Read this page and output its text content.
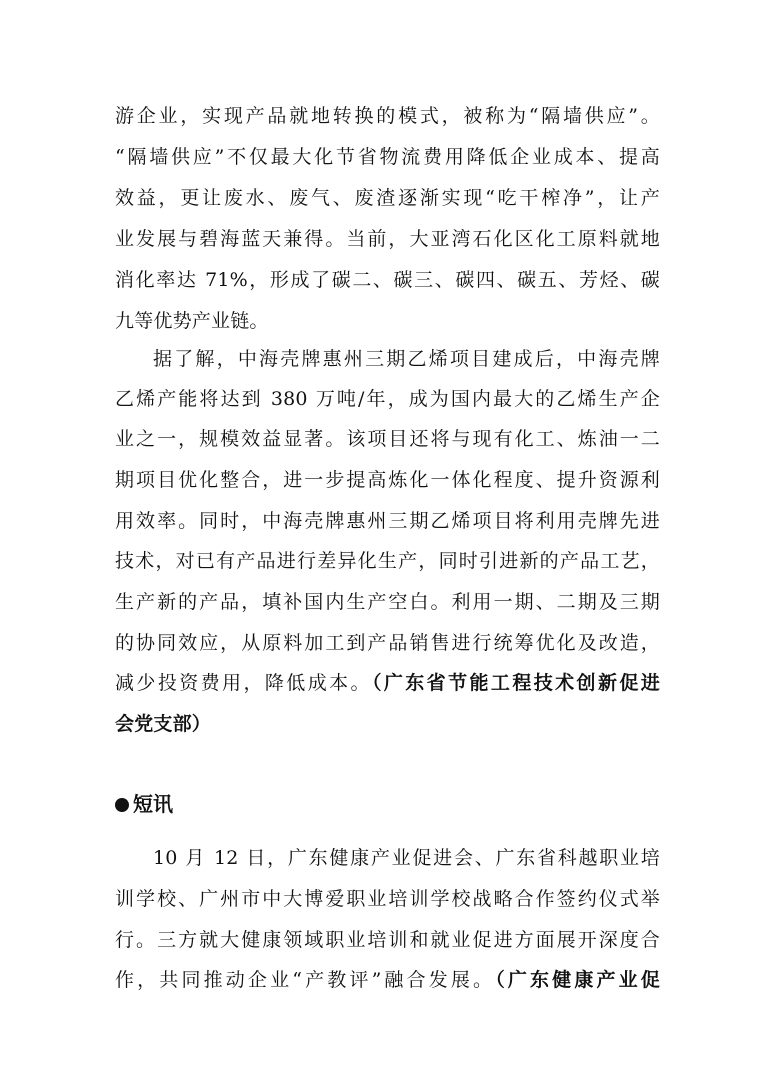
游企业，实现产品就地转换的模式，被称为“隔墙供应”。
“隔墙供应”不仅最大化节省物流费用降低企业成本、提高
效益，更让废水、废气、废渣逐渐实现“吃干榨净”，让产
业发展与碧海蓝天兼得。当前，大亚湾石化区化工原料就地
消化率达 71%，形成了碳二、碳三、碳四、碳五、芳烃、碳
九等优势产业链。
据了解，中海壳牌惠州三期乙烯项目建成后，中海壳牌
乙烯产能将达到 380 万吨/年，成为国内最大的乙烯生产企
业之一，规模效益显著。该项目还将与现有化工、炼油一二
期项目优化整合，进一步提高炼化一体化程度、提升资源利
用效率。同时，中海壳牌惠州三期乙烯项目将利用壳牌先进
技术，对已有产品进行差异化生产，同时引进新的产品工艺，
生产新的产品，填补国内生产空白。利用一期、二期及三期
的协同效应，从原料加工到产品销售进行统筹优化及改造，
减少投资费用，降低成本。（广东省节能工程技术创新促进
会党支部）
短讯
10 月 12 日，广东健康产业促进会、广东省科越职业培
训学校、广州市中大博爱职业培训学校战略合作签约仪式举
行。三方就大健康领域职业培训和就业促进方面展开深度合
作，共同推动企业“产教评”融合发展。（广东健康产业促
